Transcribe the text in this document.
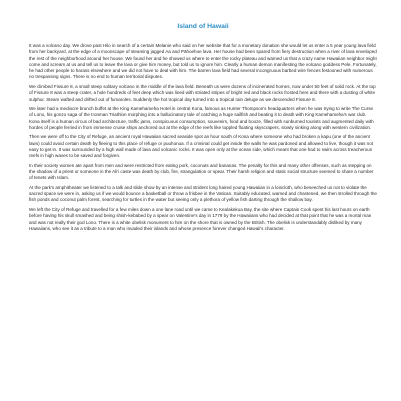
Island of Hawaii

It was a volcano day. We drove past Hilo in search of a certain Melanie who said on her website that for a monetary donation she would let us enter a 5 year young lava field from her backyard, at the edge of a moonscape of steaming jagged Aa and Pāhoehoe lava. Her house had been spared from fiery destruction when a river of lava enveloped the rest of the neighborhood around her house. We found her and he showed us where to enter the rocky plateau and warned us that a crazy name Hawaiian neighbor might come and scream at us and tell us to leave the lava or give him money, but told us to ignore him. Clearly a human demon manifesting the volcano goddess Pele. Fortunately, he had other people to harass elsewhere and we did not have to deal with him. The barren lava field had several incongruous barbed wire fences festooned with numerous no trespassing signs. There is no end to human territorial disputes.

We climbed Fissure 8, a small steep solitary volcano in the middle of the lava field. Beneath us were dozens of incinerated homes, now under 50 feet of solid rock. At the top of Fissure 8 was a steep crater, a hole hundreds of feet deep which was lined with striated stripes of bright red and black rocks frosted here and there with a dusting of white sulphur. Steam wafted and drifted out of fumaroles. Suddenly the hot tropical day turned into a tropical rain deluge as we descended Fissure 8.

We later had a mediocre brunch buffet at the King Kamehameha Hotel in central Kona, famous as Hunter Thompson's headquarters when he was trying to write The Curse of Lono, his gonzo saga of the Ironman Triathlon morphing into a hallucinatory tale of catching a huge sailfish and beating it to death with King Kamehameha's war club. Kona itself is a human circus of bad architecture, traffic jams, conspicuous consumption, souvenirs, food and booze, filled with sunburned tourists and augmented daily with hordes of people ferried in from immense cruise ships anchored out at the edge of the reefs like toppled floating skyscrapers, slowly sinking along with western civilization.

Then we were off to the City of Refuge, an ancient royal Hawaiian sacred seaside spot an hour south of Kona where someone who had broken a kapu (one of the ancient laws) could avoid certain death by fleeing to this place of refuge or puuhonua. If a criminal could get inside the walls he was pardoned and allowed to live, though it was not easy to get in. It was surrounded by a high wall made of lava and volcanic rocks. It was open only at the ocean side, which meant that one had to swim across treacherous reefs in high waves to be saved and forgiven.

In their society women ate apart from men and were restricted from eating pork, coconuts and bananas. The penalty for this and many other offenses, such as stepping on the shadow of a priest or someone in the Ali'i caste was death by club, fire, strangulation or spear. Their harsh religion and static social structure seemed to share a number of tenets with Islam.

At the park's amphitheater we listened to a talk and slide show by an intense and strident long haired young Hawaiian in a loincloth, who beseeched us not to violate the sacred space we were in, asking us if we would bounce a basketball or throw a frisbee in the Vatican. Suitably educated, warned and chastened, we then strolled through the fish ponds and coconut palm forest, searching for turtles in the water but seeing only a plethora of yellow fish darting through the shallow bay.

We left the City of Refuge and travelled for a few miles down a one lane road until we came to Kealakekua Bay, the site where Captain Cook spent his last hours on earth before having his skull smashed and being shish-kebabed by a spear on Valentine's day in 1779 by the Hawaiians who had decided at that point that he was a mortal man and was not really their god Lono. There is a white obelisk monument to him on the shore that is owned by the British. The obelisk is understandably disliked by many Hawaiians, who see it as a tribute to a man who invaded their islands and whose presence forever changed Hawaii's character.
